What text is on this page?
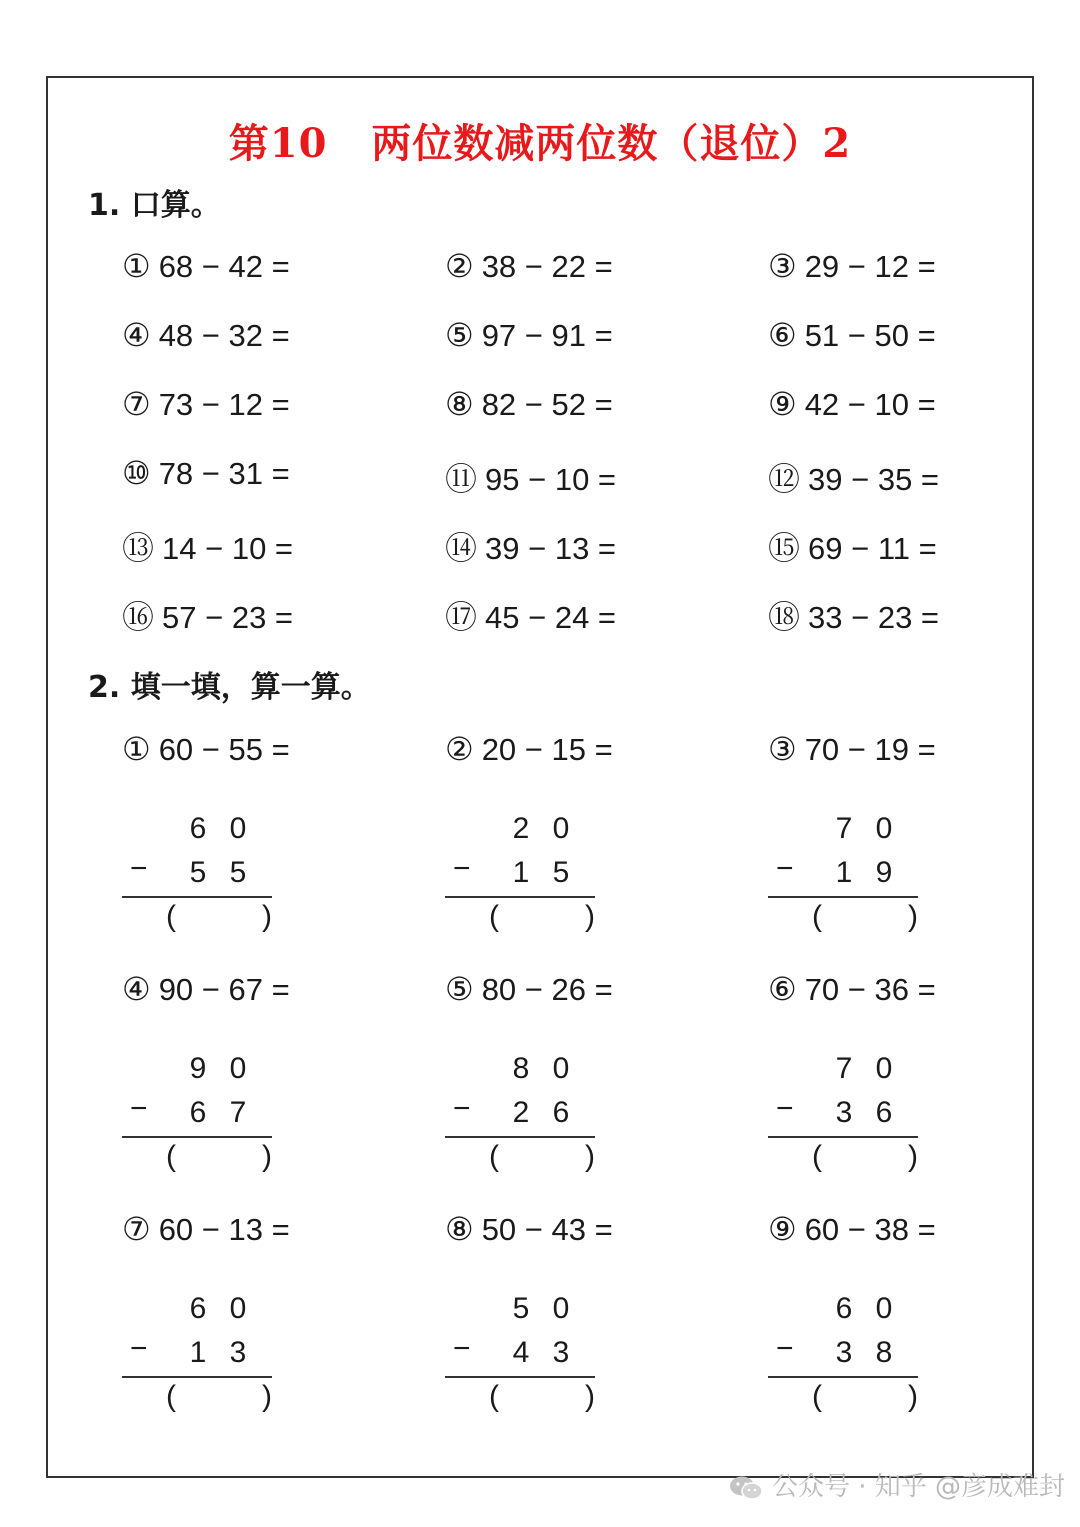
第10 两位数减两位数（退位）2
1. 口算。
① 68 − 42 =	② 38 − 22 =	③ 29 − 12 =
④ 48 − 32 =	⑤ 97 − 91 =	⑥ 51 − 50 =
⑦ 73 − 12 =	⑧ 82 − 52 =	⑨ 42 − 10 =
⑩ 78 − 31 =	⑪ 95 − 10 =	⑫ 39 − 35 =
⑬ 14 − 10 =	⑭ 39 − 13 =	⑮ 69 − 11 =
⑯ 57 − 23 =	⑰ 45 − 24 =	⑱ 33 − 23 =
2. 填一填，算一算。
① 60 − 55 =
6 0
− 5 5
(	)
② 20 − 15 =
2 0
− 1 5
(	)
③ 70 − 19 =
7 0
− 1 9
(	)
④ 90 − 67 =
9 0
− 6 7
(	)
⑤ 80 − 26 =
8 0
− 2 6
(	)
⑥ 70 − 36 =
7 0
− 3 6
(	)
⑦ 60 − 13 =
6 0
− 1 3
(	)
⑧ 50 − 43 =
5 0
− 4 3
(	)
⑨ 60 − 38 =
6 0
− 3 8
(	)
公众号 · 知乎 @彦成难封
